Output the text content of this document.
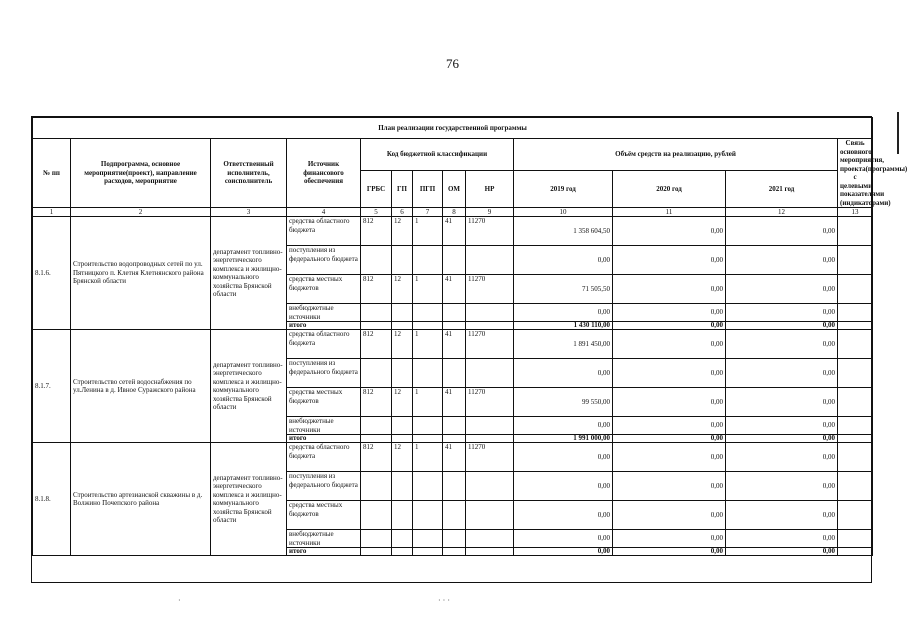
76
План реализации государственной программы												
№ пп	Подпрограмма, основное мероприятие(проект), направление расходов, мероприятие	Ответственный исполнитель, соисполнитель	Источник финансового обеспечения	Код бюджетной классификации					Объём средств на реализацию, рублей			Связь основного мероприятия, проекта(программы) с целевыми показателями (индикаторами)
				ГРБС	ГП	ПГП	ОМ	НР	2019 год	2020 год	2021 год	
1	2	3	4	5	6	7	8	9	10	11	12	13
8.1.6.	Строительство водопроводных сетей по ул. Пятницкого п. Клетня Клетнянского района Брянской области	департамент топливно-энергетического комплекса и жилищно-коммунального хозяйства Брянской области	средства областного бюджета	812	12	1	41	11270	1 358 604,50	0,00	0,00	
			поступления из федерального бюджета						0,00	0,00	0,00	
			средства местных бюджетов	812	12	1	41	11270	71 505,50	0,00	0,00	
			внебюджетные источники						0,00	0,00	0,00	
			итого						1 430 110,00	0,00	0,00	
8.1.7.	Строительство сетей водоснабжения по ул.Ленина в д. Ивное Суражского района	департамент топливно-энергетического комплекса и жилищно-коммунального хозяйства Брянской области	средства областного бюджета	812	12	1	41	11270	1 891 450,00	0,00	0,00	
			поступления из федерального бюджета						0,00	0,00	0,00	
			средства местных бюджетов	812	12	1	41	11270	99 550,00	0,00	0,00	
			внебюджетные источники						0,00	0,00	0,00	
			итого						1 991 000,00	0,00	0,00	
8.1.8.	Строительство артезианской скважины в д. Волжино Почепского района	департамент топливно-энергетического комплекса и жилищно-коммунального хозяйства Брянской области	средства областного бюджета	812	12	1	41	11270	0,00	0,00	0,00	
			поступления из федерального бюджета						0,00	0,00	0,00	
			средства местных бюджетов						0,00	0,00	0,00	
			внебюджетные источники						0,00	0,00	0,00	
			итого						0,00	0,00	0,00	
·	· · ·
